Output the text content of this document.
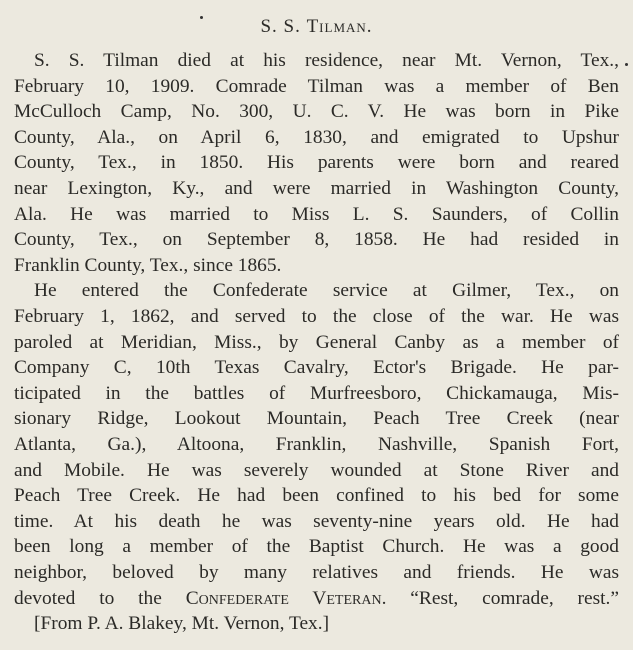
S. S. Tilman.
S. S. Tilman died at his residence, near Mt. Vernon, Tex.,
February 10, 1909. Comrade Tilman was a member of Ben
McCulloch Camp, No. 300, U. C. V. He was born in Pike
County, Ala., on April 6, 1830, and emigrated to Upshur
County, Tex., in 1850. His parents were born and reared
near Lexington, Ky., and were married in Washington County,
Ala. He was married to Miss L. S. Saunders, of Collin
County, Tex., on September 8, 1858. He had resided in
Franklin County, Tex., since 1865.
He entered the Confederate service at Gilmer, Tex., on
February 1, 1862, and served to the close of the war. He was
paroled at Meridian, Miss., by General Canby as a member of
Company C, 10th Texas Cavalry, Ector's Brigade. He par-
ticipated in the battles of Murfreesboro, Chickamauga, Mis-
sionary Ridge, Lookout Mountain, Peach Tree Creek (near
Atlanta, Ga.), Altoona, Franklin, Nashville, Spanish Fort,
and Mobile. He was severely wounded at Stone River and
Peach Tree Creek. He had been confined to his bed for some
time. At his death he was seventy-nine years old. He had
been long a member of the Baptist Church. He was a good
neighbor, beloved by many relatives and friends. He was
devoted to the Confederate Veteran. “Rest, comrade, rest.”
[From P. A. Blakey, Mt. Vernon, Tex.]
